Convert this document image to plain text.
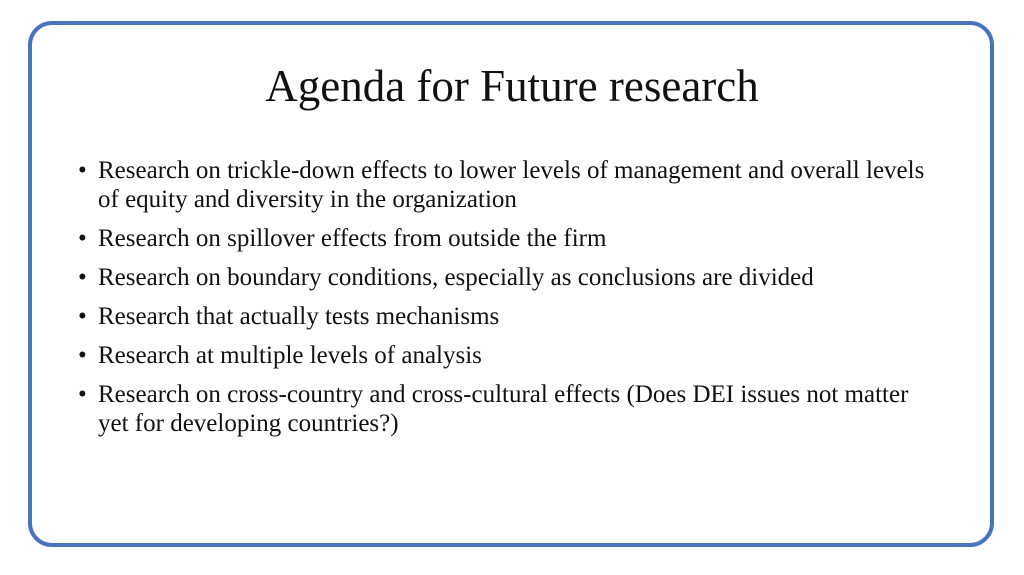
Agenda for Future research
• Research on trickle-down effects to lower levels of management and overall levels of equity and diversity in the organization
• Research on spillover effects from outside the firm
• Research on boundary conditions, especially as conclusions are divided
• Research that actually tests mechanisms
• Research at multiple levels of analysis
• Research on cross-country and cross-cultural effects (Does DEI issues not matter yet for developing countries?)
